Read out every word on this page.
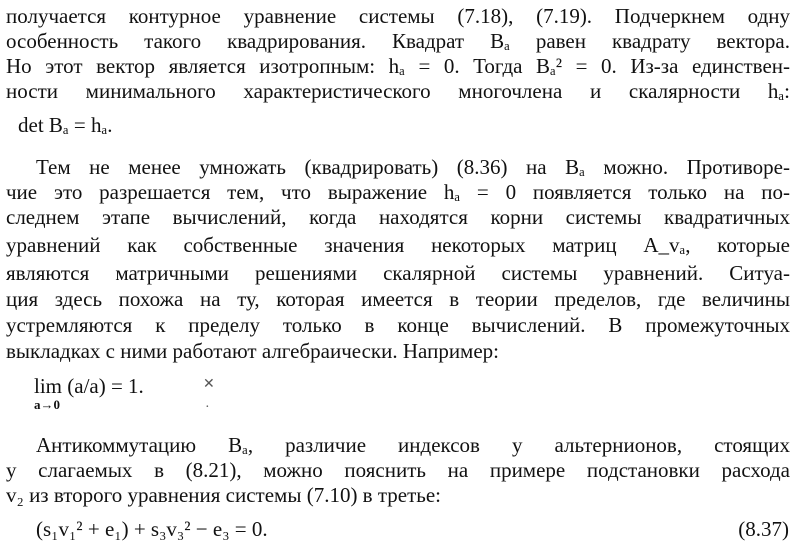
получается контурное уравнение системы (7.18), (7.19). Подчеркнем одну
особенность такого квадрирования. Квадрат Bₐ равен квадрату вектора.
Но этот вектор является изотропным: hₐ = 0. Тогда Bₐ² = 0. Из-за единствен-
ности минимального характеристического многочлена и скалярности hₐ:
det Bₐ = hₐ.
Тем не менее умножать (квадрировать) (8.36) на Bₐ можно. Противоре-
чие это разрешается тем, что выражение hₐ = 0 появляется только на по-
следнем этапе вычислений, когда находятся корни системы квадратичных
уравнений как собственные значения некоторых матриц A_vₐ, которые
являются матричными решениями скалярной системы уравнений. Ситуа-
ция здесь похожа на ту, которая имеется в теории пределов, где величины
устремляются к пределу только в конце вычислений. В промежуточных
выкладках с ними работают алгебраически. Например:
lim (a/a) = 1.
a→0
✕
·
Антикоммутацию Bₐ, различие индексов у альтернионов, стоящих
у слагаемых в (8.21), можно пояснить на примере подстановки расхода
v₂ из второго уравнения системы (7.10) в третье:
(s₁v₁² + e₁) + s₃v₃² − e₃ = 0.	(8.37)
